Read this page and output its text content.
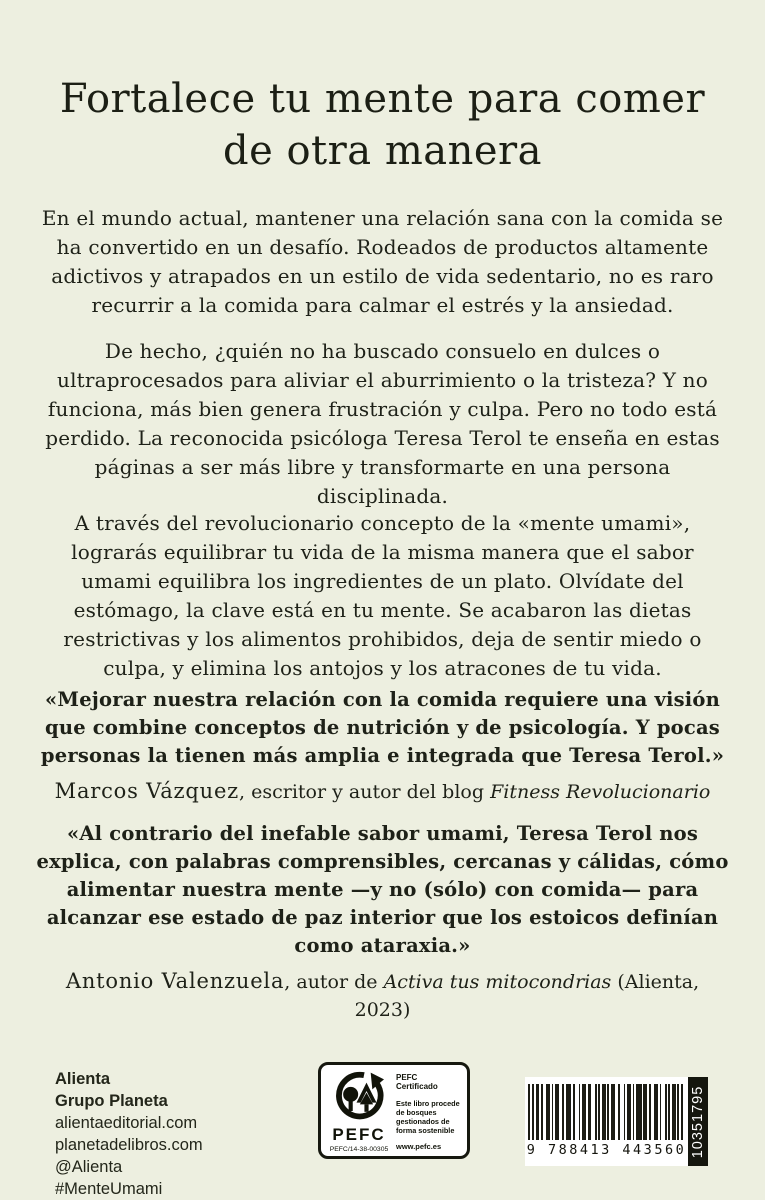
Fortalece tu mente para comer de otra manera

En el mundo actual, mantener una relación sana con la comida se ha convertido en un desafío. Rodeados de productos altamente adictivos y atrapados en un estilo de vida sedentario, no es raro recurrir a la comida para calmar el estrés y la ansiedad.

De hecho, ¿quién no ha buscado consuelo en dulces o ultraprocesados para aliviar el aburrimiento o la tristeza? Y no funciona, más bien genera frustración y culpa. Pero no todo está perdido. La reconocida psicóloga Teresa Terol te enseña en estas páginas a ser más libre y transformarte en una persona disciplinada.

A través del revolucionario concepto de la «mente umami», lograrás equilibrar tu vida de la misma manera que el sabor umami equilibra los ingredientes de un plato. Olvídate del estómago, la clave está en tu mente. Se acabaron las dietas restrictivas y los alimentos prohibidos, deja de sentir miedo o culpa, y elimina los antojos y los atracones de tu vida.

«Mejorar nuestra relación con la comida requiere una visión que combine conceptos de nutrición y de psicología. Y pocas personas la tienen más amplia e integrada que Teresa Terol.»
Marcos Vázquez, escritor y autor del blog Fitness Revolucionario
«Al contrario del inefable sabor umami, Teresa Terol nos explica, con palabras comprensibles, cercanas y cálidas, cómo alimentar nuestra mente —y no (sólo) con comida— para alcanzar ese estado de paz interior que los estoicos definían como ataraxia.»
Antonio Valenzuela, autor de Activa tus mitocondrias (Alienta, 2023)
Alienta
Grupo Planeta
alientaeditorial.com
planetadelibros.com
@Alienta
#MenteUmami
PEFC
PEFC/14-38-00305
PEFC Certificado
Este libro procede de bosques gestionados de forma sostenible
www.pefc.es	9 788413 443560 10351795
